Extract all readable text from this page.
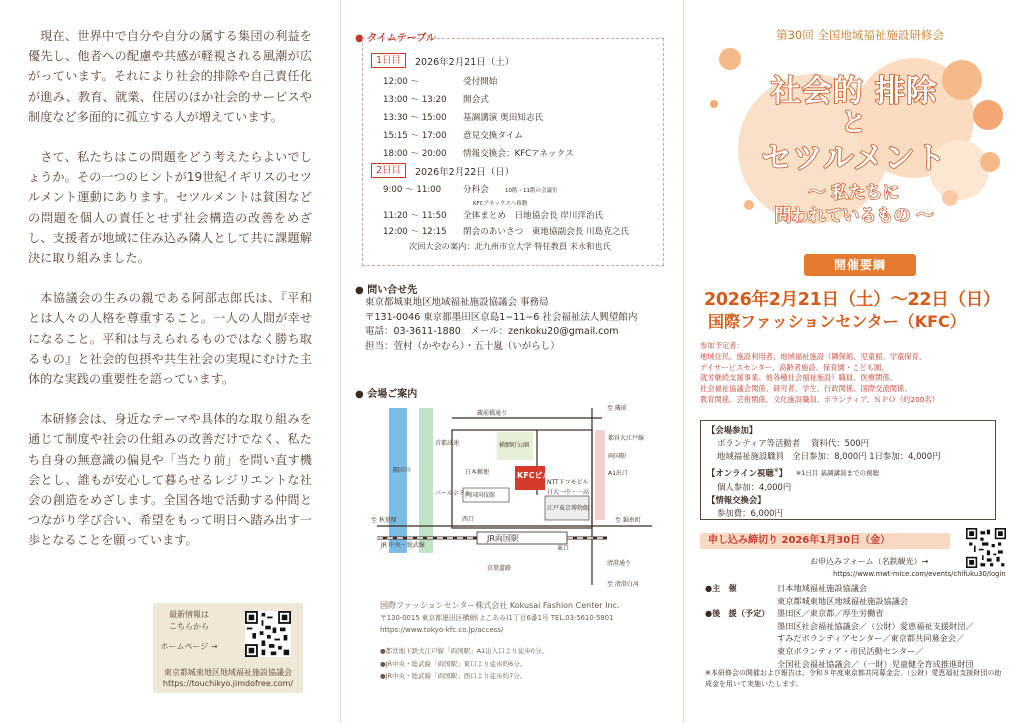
現在、世界中で自分や自分の属する集団の利益を優先し、他者への配慮や共感が軽視される風潮が広がっています。それにより社会的排除や自己責任化が進み、教育、就業、住居のほか社会的サービスや制度など多面的に孤立する人が増えています。

さて、私たちはこの問題をどう考えたらよいでしょうか。その一つのヒントが19世紀イギリスのセツルメント運動にあります。セツルメントは貧困などの問題を個人の責任とせず社会構造の改善をめざし、支援者が地域に住み込み隣人として共に課題解決に取り組みました。

本協議会の生みの親である阿部志郎氏は、『平和とは人々の人格を尊重すること。一人の人間が幸せになること。平和は与えられるものではなく勝ち取るもの』と社会的包摂や共生社会の実現にむけた主体的な実践の重要性を語っています。

本研修会は、身近なテーマや具体的な取り組みを通じて制度や社会の仕組みの改善だけでなく、私たち自身の無意識の偏見や「当たり前」を問い直す機会とし、誰もが安心して暮らせるレジリエントな社会の創造をめざします。全国各地で活動する仲間とつながり学び合い、希望をもって明日へ踏み出す一歩となることを願っています。

最新情報は
こちらから
ホームページ →
東京都城東地区地域福祉施設協議会
https://touchikyo.jimdofree.com/
● タイムテーブル
1日目	2026年2月21日（土）
12:00 〜	受付開始
13:00 〜 13:20 開会式
13:30 〜 15:00 基調講演 奥田知志氏
15:15 〜 17:00 意見交換タイム
18:00 〜 20:00 情報交換会：KFCアネックス
2日目	2026年2月22日（日）
9:00 〜 11:00	分科会	10階・11階の会議室
KFCアネックスへ移動
11:20 〜 11:50 全体まとめ　日地協会長 岸川洋治氏
12:00 〜 12:15 閉会のあいさつ　東地協副会長 川島克之氏
次回大会の案内：北九州市立大学 特任教員 末永和也氏
● 問い合せ先
東京都城東地区地域福祉施設協議会 事務局
〒131-0046 東京都墨田区京島1−11−6 社会福祉法人興望館内
電話：03-3611-1880　メール：zenkoku20@gmail.com
担当：萱村（かやむら）・五十嵐（いがらし）
● 会場ご案内
蔵前橋通り
横網町公園
都営大江戸線
両国駅
A1出口
KFCビル
NTTドコモビル
日大一中・一高
江戸東京博物館
首都高速
パールホテル
日本郵便
両国国技館
西口
東口
JR両国駅
JR 中央・総武線
京葉道路
清澄通り
隅田川
至 蔵前
至 秋葉原	至 錦糸町
至 清澄白河
国際ファッションセンター株式会社 Kokusai Fashion Center Inc.
〒130-0015 東京都墨田区横網(よこあみ)1丁目6番1号 TEL.03-5610-5801
https://www.tokyo-kfc.co.jp/access/
●都営地下鉄大江戸線「両国駅」A1出入口より徒歩0分。
●JR中央・総武線「両国駅」東口より徒歩約6分。
●JR中央・総武線「両国駅」西口より徒歩約7分。
社会的 排除
と
セツルメント
〜 私たちに
問われているもの 〜
第30回 全国地域福祉施設研修会
開催要綱
2026年2月21日（土）〜22日（日）
国際ファッションセンター（KFC）
参加予定者：
地域住民、施設利用者、地域福祉施設（隣保館、児童館、学童保育、
デイサービスセンター、高齢者施設、保育園・こども園、
就労継続支援事業、他各種社会福祉施設）職員、医療関係、
社会福祉協議会関係、研究者、学生、行政関係、国際交流関係、
教育関係、芸術関係、文化施設職員、ボランティア、ＮＰＯ（約200名）
【会場参加】
ボランティア等活動者　 資料代：500円
地域福祉施設職員　全日参加：8,000円 1日参加：4,000円
【オンライン視聴※】 ※1日目 基調講演までの視聴
個人参加：4,000円
【情報交換会】
参加費：6,000円
申し込み締切り 2026年1月30日（金）
お申込みフォーム（名鉄観光）→
https://www.mwt-mice.com/events/chifuku30/login
●主　催	日本地域福祉施設協議会
東京都城東地区地域福祉施設協議会
●後　援（予定） 墨田区／東京都／厚生労働省
墨田区社会福祉協議会／（公財）愛恵福祉支援財団／
すみだボランティアセンター／東京都共同募金会／
東京ボランティア・市民活動センター／
全国社会福祉協議会／（一財）児童健全育成推進財団
※本研修会の開催および報告は、令和８年度東京都共同募金会、（公財）愛恵福祉支援財団の助成金を用いて実施いたします。
